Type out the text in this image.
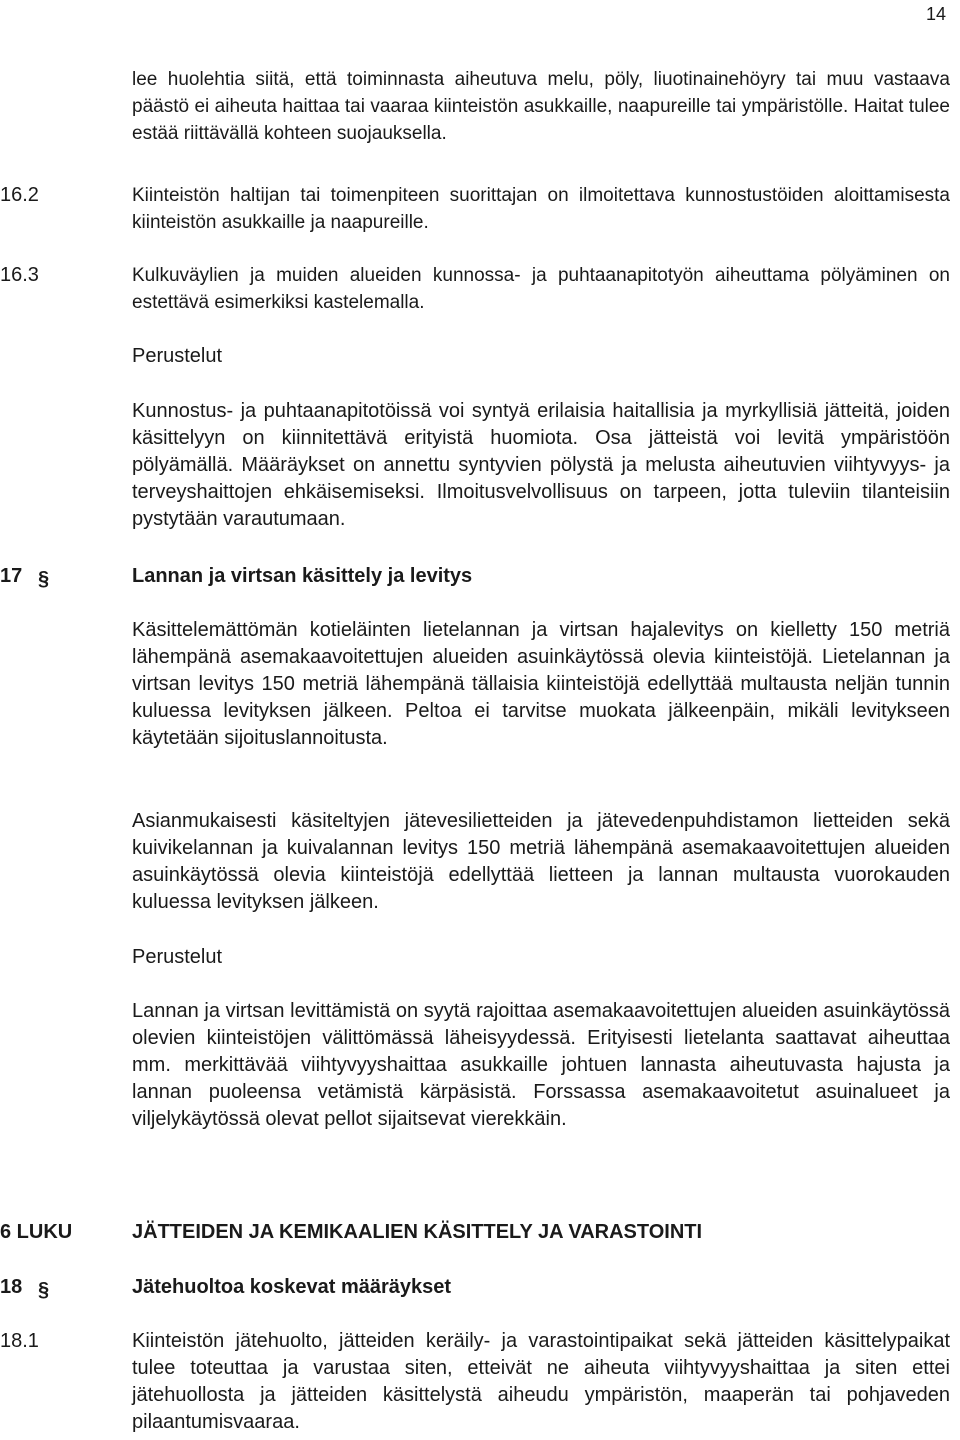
14

lee huolehtia siitä, että toiminnasta aiheutuva melu, pöly, liuotinainehöyry tai muu vastaava päästö ei aiheuta haittaa tai vaaraa kiinteistön asukkaille, naapureille tai ympäristölle. Haitat tulee estää riittävällä kohteen suojauksella.

16.2	Kiinteistön haltijan tai toimenpiteen suorittajan on ilmoitettava kunnostustöiden aloittamisesta kiinteistön asukkaille ja naapureille.

16.3	Kulkuväylien ja muiden alueiden kunnossa- ja puhtaanapitotyön aiheuttama pölyäminen on estettävä esimerkiksi kastelemalla.

Perustelut

Kunnostus- ja puhtaanapitotöissä voi syntyä erilaisia haitallisia ja myrkyllisiä jätteitä, joiden käsittelyyn on kiinnitettävä erityistä huomiota. Osa jätteistä voi levitä ympäristöön pölyämällä. Määräykset on annettu syntyvien pölystä ja melusta aiheutuvien viihtyvyys- ja terveyshaittojen ehkäisemiseksi. Ilmoitusvelvollisuus on tarpeen, jotta tuleviin tilanteisiin pystytään varautumaan.

17 §	Lannan ja virtsan käsittely ja levitys

Käsittelemättömän kotieläinten lietelannan ja virtsan hajalevitys on kielletty 150 metriä lähempänä asemakaavoitettujen alueiden asuinkäytössä olevia kiinteistöjä. Lietelannan ja virtsan levitys 150 metriä lähempänä tällaisia kiinteistöjä edellyttää multausta neljän tunnin kuluessa levityksen jälkeen. Peltoa ei tarvitse muokata jälkeenpäin, mikäli levitykseen käytetään sijoituslannoitusta.

Asianmukaisesti käsiteltyjen jätevesilietteiden ja jätevedenpuhdistamon lietteiden sekä kuivikelannan ja kuivalannan levitys 150 metriä lähempänä asemakaavoitettujen alueiden asuinkäytössä olevia kiinteistöjä edellyttää lietteen ja lannan multausta vuorokauden kuluessa levityksen jälkeen.

Perustelut

Lannan ja virtsan levittämistä on syytä rajoittaa asemakaavoitettujen alueiden asuinkäytössä olevien kiinteistöjen välittömässä läheisyydessä. Erityisesti lietelanta saattavat aiheuttaa mm. merkittävää viihtyvyyshaittaa asukkaille johtuen lannasta aiheutuvasta hajusta ja lannan puoleensa vetämistä kärpäsistä. Forssassa asemakaavoitetut asuinalueet ja viljelykäytössä olevat pellot sijaitsevat vierekkäin.

6 LUKU	JÄTTEIDEN JA KEMIKAALIEN KÄSITTELY JA VARASTOINTI

18 §	Jätehuoltoa koskevat määräykset

18.1	Kiinteistön jätehuolto, jätteiden keräily- ja varastointipaikat sekä jätteiden käsittelypaikat tulee toteuttaa ja varustaa siten, etteivät ne aiheuta viihtyvyyshaittaa ja siten ettei jätehuollosta ja jätteiden käsittelystä aiheudu ympäristön, maaperän tai pohjaveden pilaantumisvaaraa.
